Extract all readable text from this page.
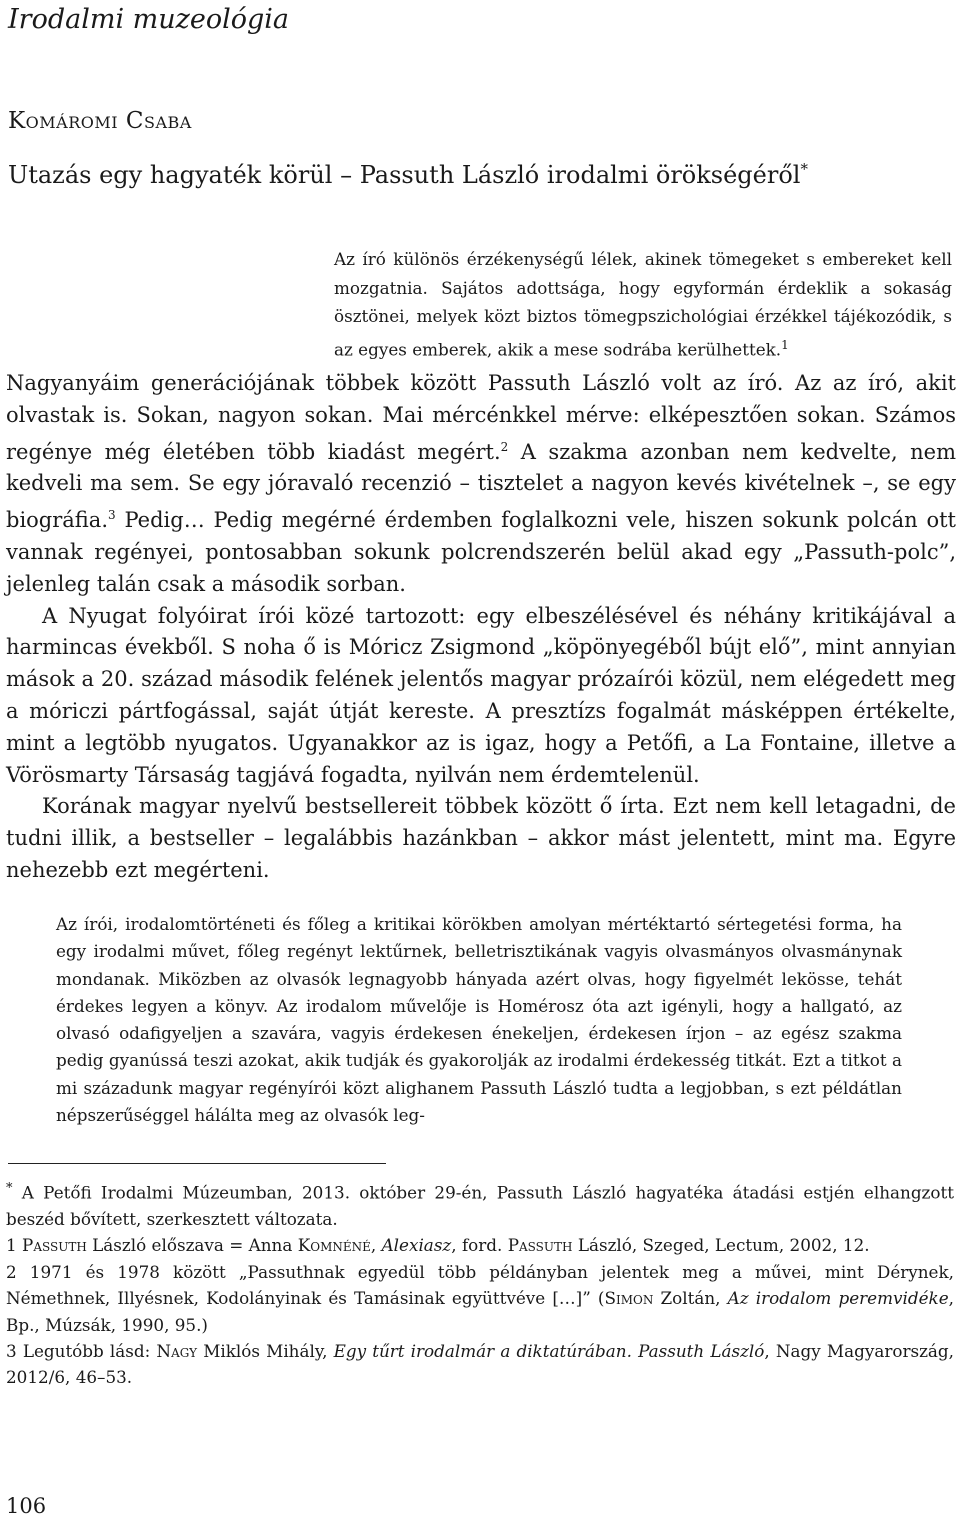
Irodalmi muzeológia
Komáromi Csaba
Utazás egy hagyaték körül – Passuth László irodalmi örökségéről*
Az író különös érzékenységű lélek, akinek tömegeket s embereket kell mozgatnia. Sajátos adottsága, hogy egyformán érdeklik a sokaság ösztönei, melyek közt biztos tömegpszichológiai érzékkel tájékozódik, s az egyes emberek, akik a mese sodrába kerülhettek.$^1$

Nagyanyáim generációjának többek között Passuth László volt az író. Az az író, akit olvastak is. Sokan, nagyon sokan. Mai mércénkkel mérve: elképesztően sokan. Számos regénye még életében több kiadást megért.$^2$ A szakma azonban nem kedvelte, nem kedveli ma sem. Se egy jóravaló recenzió – tisztelet a nagyon kevés kivételnek –, se egy biográfia.$^3$ Pedig… Pedig megérné érdemben foglalkozni vele, hiszen sokunk polcán ott vannak regényei, pontosabban sokunk polcrendszerén belül akad egy „Passuth-polc”, jelenleg talán csak a második sorban.

A Nyugat folyóirat írói közé tartozott: egy elbeszélésével és néhány kritikájával a harmincas évekből. S noha ő is Móricz Zsigmond „köpönyegéből bújt elő”, mint annyian mások a 20. század második felének jelentős magyar prózaírói közül, nem elégedett meg a móriczi pártfogással, saját útját kereste. A presztízs fogalmát másképpen értékelte, mint a legtöbb nyugatos. Ugyanakkor az is igaz, hogy a Petőfi, a La Fontaine, illetve a Vörösmarty Társaság tagjává fogadta, nyilván nem érdemtelenül.

Korának magyar nyelvű bestsellereit többek között ő írta. Ezt nem kell letagadni, de tudni illik, a bestseller – legalábbis hazánkban – akkor mást jelentett, mint ma. Egyre nehezebb ezt megérteni.

Az írói, irodalomtörténeti és főleg a kritikai körökben amolyan mértéktartó sértegetési forma, ha egy irodalmi művet, főleg regényt lektűrnek, belletrisztikának vagyis olvasmányos olvasmánynak mondanak. Miközben az olvasók legnagyobb hányada azért olvas, hogy figyelmét lekösse, tehát érdekes legyen a könyv. Az irodalom művelője is Homérosz óta azt igényli, hogy a hallgató, az olvasó odafigyeljen a szavára, vagyis érdekesen énekeljen, érdekesen írjon – az egész szakma pedig gyanússá teszi azokat, akik tudják és gyakorolják az irodalmi érdekesség titkát. Ezt a titkot a mi századunk magyar regényírói közt alighanem Passuth László tudta a legjobban, s ezt példátlan népszerűséggel hálálta meg az olvasók leg-

* A Petőfi Irodalmi Múzeumban, 2013. október 29-én, Passuth László hagyatéka átadási estjén elhangzott beszéd bővített, szerkesztett változata.

1 Passuth László előszava = Anna Komnéné, Alexiasz, ford. Passuth László, Szeged, Lectum, 2002, 12.

2 1971 és 1978 között „Passuthnak egyedül több példányban jelentek meg a művei, mint Dérynek, Némethnek, Illyésnek, Kodolányinak és Tamásinak együttvéve […]” (Simon Zoltán, Az irodalom peremvidéke, Bp., Múzsák, 1990, 95.)

3 Legutóbb lásd: Nagy Miklós Mihály, Egy tűrt irodalmár a diktatúrában. Passuth László, Nagy Magyarország, 2012/6, 46–53.

106
